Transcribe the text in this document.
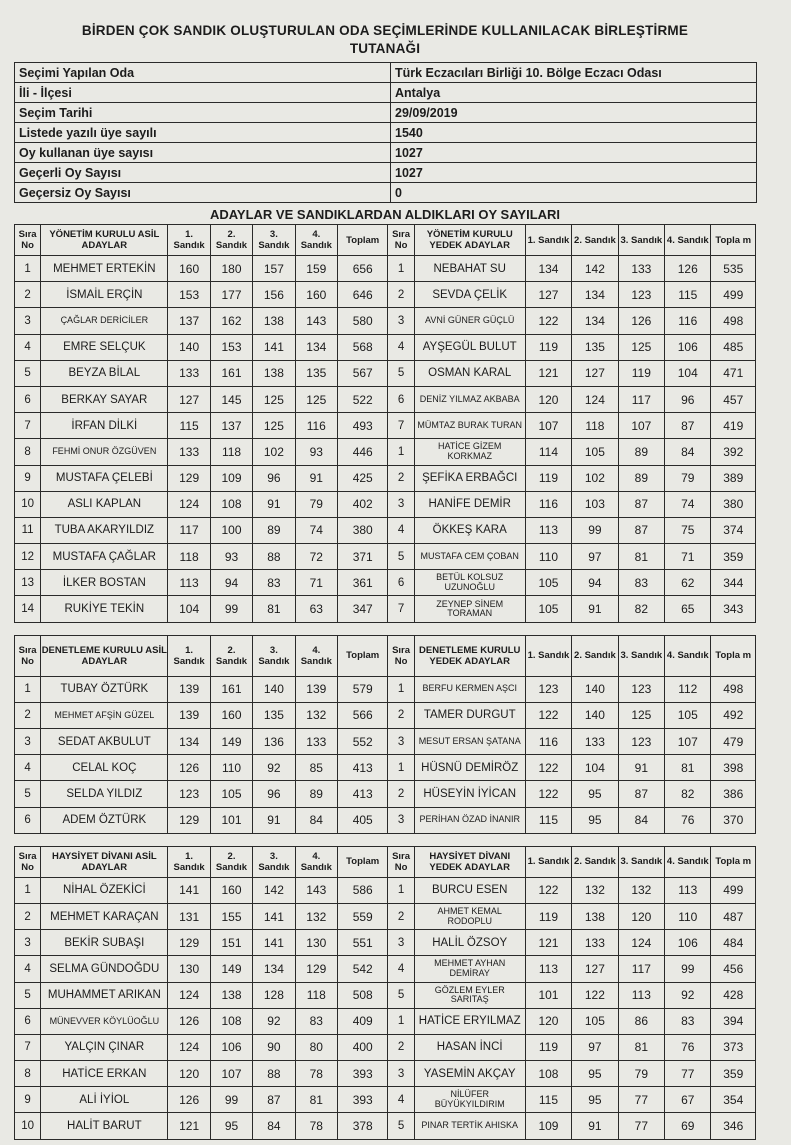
BİRDEN ÇOK SANDIK OLUŞTURULAN ODA SEÇİMLERİNDE KULLANILACAK BİRLEŞTİRME
TUTANAĞI
Seçimi Yapılan Oda	Türk Eczacıları Birliği 10. Bölge Eczacı Odası
İli - İlçesi	Antalya
Seçim Tarihi	29/09/2019
Listede yazılı üye sayılı	1540
Oy kullanan üye sayısı	1027
Geçerli Oy Sayısı	1027
Geçersiz Oy Sayısı	0
ADAYLAR VE SANDIKLARDAN ALDIKLARI OY SAYILARI
Sıra No	YÖNETİM KURULU ASİL ADAYLAR	1. Sandık	2. Sandık	3. Sandık	4. Sandık	Toplam	Sıra No	YÖNETİM KURULU YEDEK ADAYLAR	1. Sandık	2. Sandık	3. Sandık	4. Sandık	Topla m
1	MEHMET ERTEKİN	160	180	157	159	656	1	NEBAHAT SU	134	142	133	126	535
2	İSMAİL ERÇİN	153	177	156	160	646	2	SEVDA ÇELİK	127	134	123	115	499
3	ÇAĞLAR DERİCİLER	137	162	138	143	580	3	AVNİ GÜNER GÜÇLÜ	122	134	126	116	498
4	EMRE SELÇUK	140	153	141	134	568	4	AYŞEGÜL BULUT	119	135	125	106	485
5	BEYZA BİLAL	133	161	138	135	567	5	OSMAN KARAL	121	127	119	104	471
6	BERKAY SAYAR	127	145	125	125	522	6	DENİZ YILMAZ AKBABA	120	124	117	96	457
7	İRFAN DİLKİ	115	137	125	116	493	7	MÜMTAZ BURAK TURAN	107	118	107	87	419
8	FEHMİ ONUR ÖZGÜVEN	133	118	102	93	446	1	HATİCE GİZEM KORKMAZ	114	105	89	84	392
9	MUSTAFA ÇELEBİ	129	109	96	91	425	2	ŞEFİKA ERBAĞCI	119	102	89	79	389
10	ASLI KAPLAN	124	108	91	79	402	3	HANİFE DEMİR	116	103	87	74	380
11	TUBA AKARYILDIZ	117	100	89	74	380	4	ÖKKEŞ KARA	113	99	87	75	374
12	MUSTAFA ÇAĞLAR	118	93	88	72	371	5	MUSTAFA CEM ÇOBAN	110	97	81	71	359
13	İLKER BOSTAN	113	94	83	71	361	6	BETÜL KOLSUZ UZUNOĞLU	105	94	83	62	344
14	RUKİYE TEKİN	104	99	81	63	347	7	ZEYNEP SİNEM TORAMAN	105	91	82	65	343
Sıra No	DENETLEME KURULU ASİL ADAYLAR	1. Sandık	2. Sandık	3. Sandık	4. Sandık	Toplam	Sıra No	DENETLEME KURULU YEDEK ADAYLAR	1. Sandık	2. Sandık	3. Sandık	4. Sandık	Topla m
1	TUBAY ÖZTÜRK	139	161	140	139	579	1	BERFU KERMEN AŞCI	123	140	123	112	498
2	MEHMET AFŞİN GÜZEL	139	160	135	132	566	2	TAMER DURGUT	122	140	125	105	492
3	SEDAT AKBULUT	134	149	136	133	552	3	MESUT ERSAN ŞATANA	116	133	123	107	479
4	CELAL KOÇ	126	110	92	85	413	1	HÜSNÜ DEMİRÖZ	122	104	91	81	398
5	SELDA YILDIZ	123	105	96	89	413	2	HÜSEYİN İYİCAN	122	95	87	82	386
6	ADEM ÖZTÜRK	129	101	91	84	405	3	PERİHAN ÖZAD İNANIR	115	95	84	76	370
Sıra No	HAYSİYET DİVANI ASİL ADAYLAR	1. Sandık	2. Sandık	3. Sandık	4. Sandık	Toplam	Sıra No	HAYSİYET DİVANI YEDEK ADAYLAR	1. Sandık	2. Sandık	3. Sandık	4. Sandık	Topla m
1	NİHAL ÖZEKİCİ	141	160	142	143	586	1	BURCU ESEN	122	132	132	113	499
2	MEHMET KARAÇAN	131	155	141	132	559	2	AHMET KEMAL RODOPLU	119	138	120	110	487
3	BEKİR SUBAŞI	129	151	141	130	551	3	HALİL ÖZSOY	121	133	124	106	484
4	SELMA GÜNDOĞDU	130	149	134	129	542	4	MEHMET AYHAN DEMİRAY	113	127	117	99	456
5	MUHAMMET ARIKAN	124	138	128	118	508	5	GÖZLEM EYLER SARITAŞ	101	122	113	92	428
6	MÜNEVVER KÖYLÜOĞLU	126	108	92	83	409	1	HATİCE ERYILMAZ	120	105	86	83	394
7	YALÇIN ÇINAR	124	106	90	80	400	2	HASAN İNCİ	119	97	81	76	373
8	HATİCE ERKAN	120	107	88	78	393	3	YASEMİN AKÇAY	108	95	79	77	359
9	ALİ İYİOL	126	99	87	81	393	4	NİLÜFER BÜYÜKYILDIRIM	115	95	77	67	354
10	HALİT BARUT	121	95	84	78	378	5	PINAR TERTİK AHISKA	109	91	77	69	346
